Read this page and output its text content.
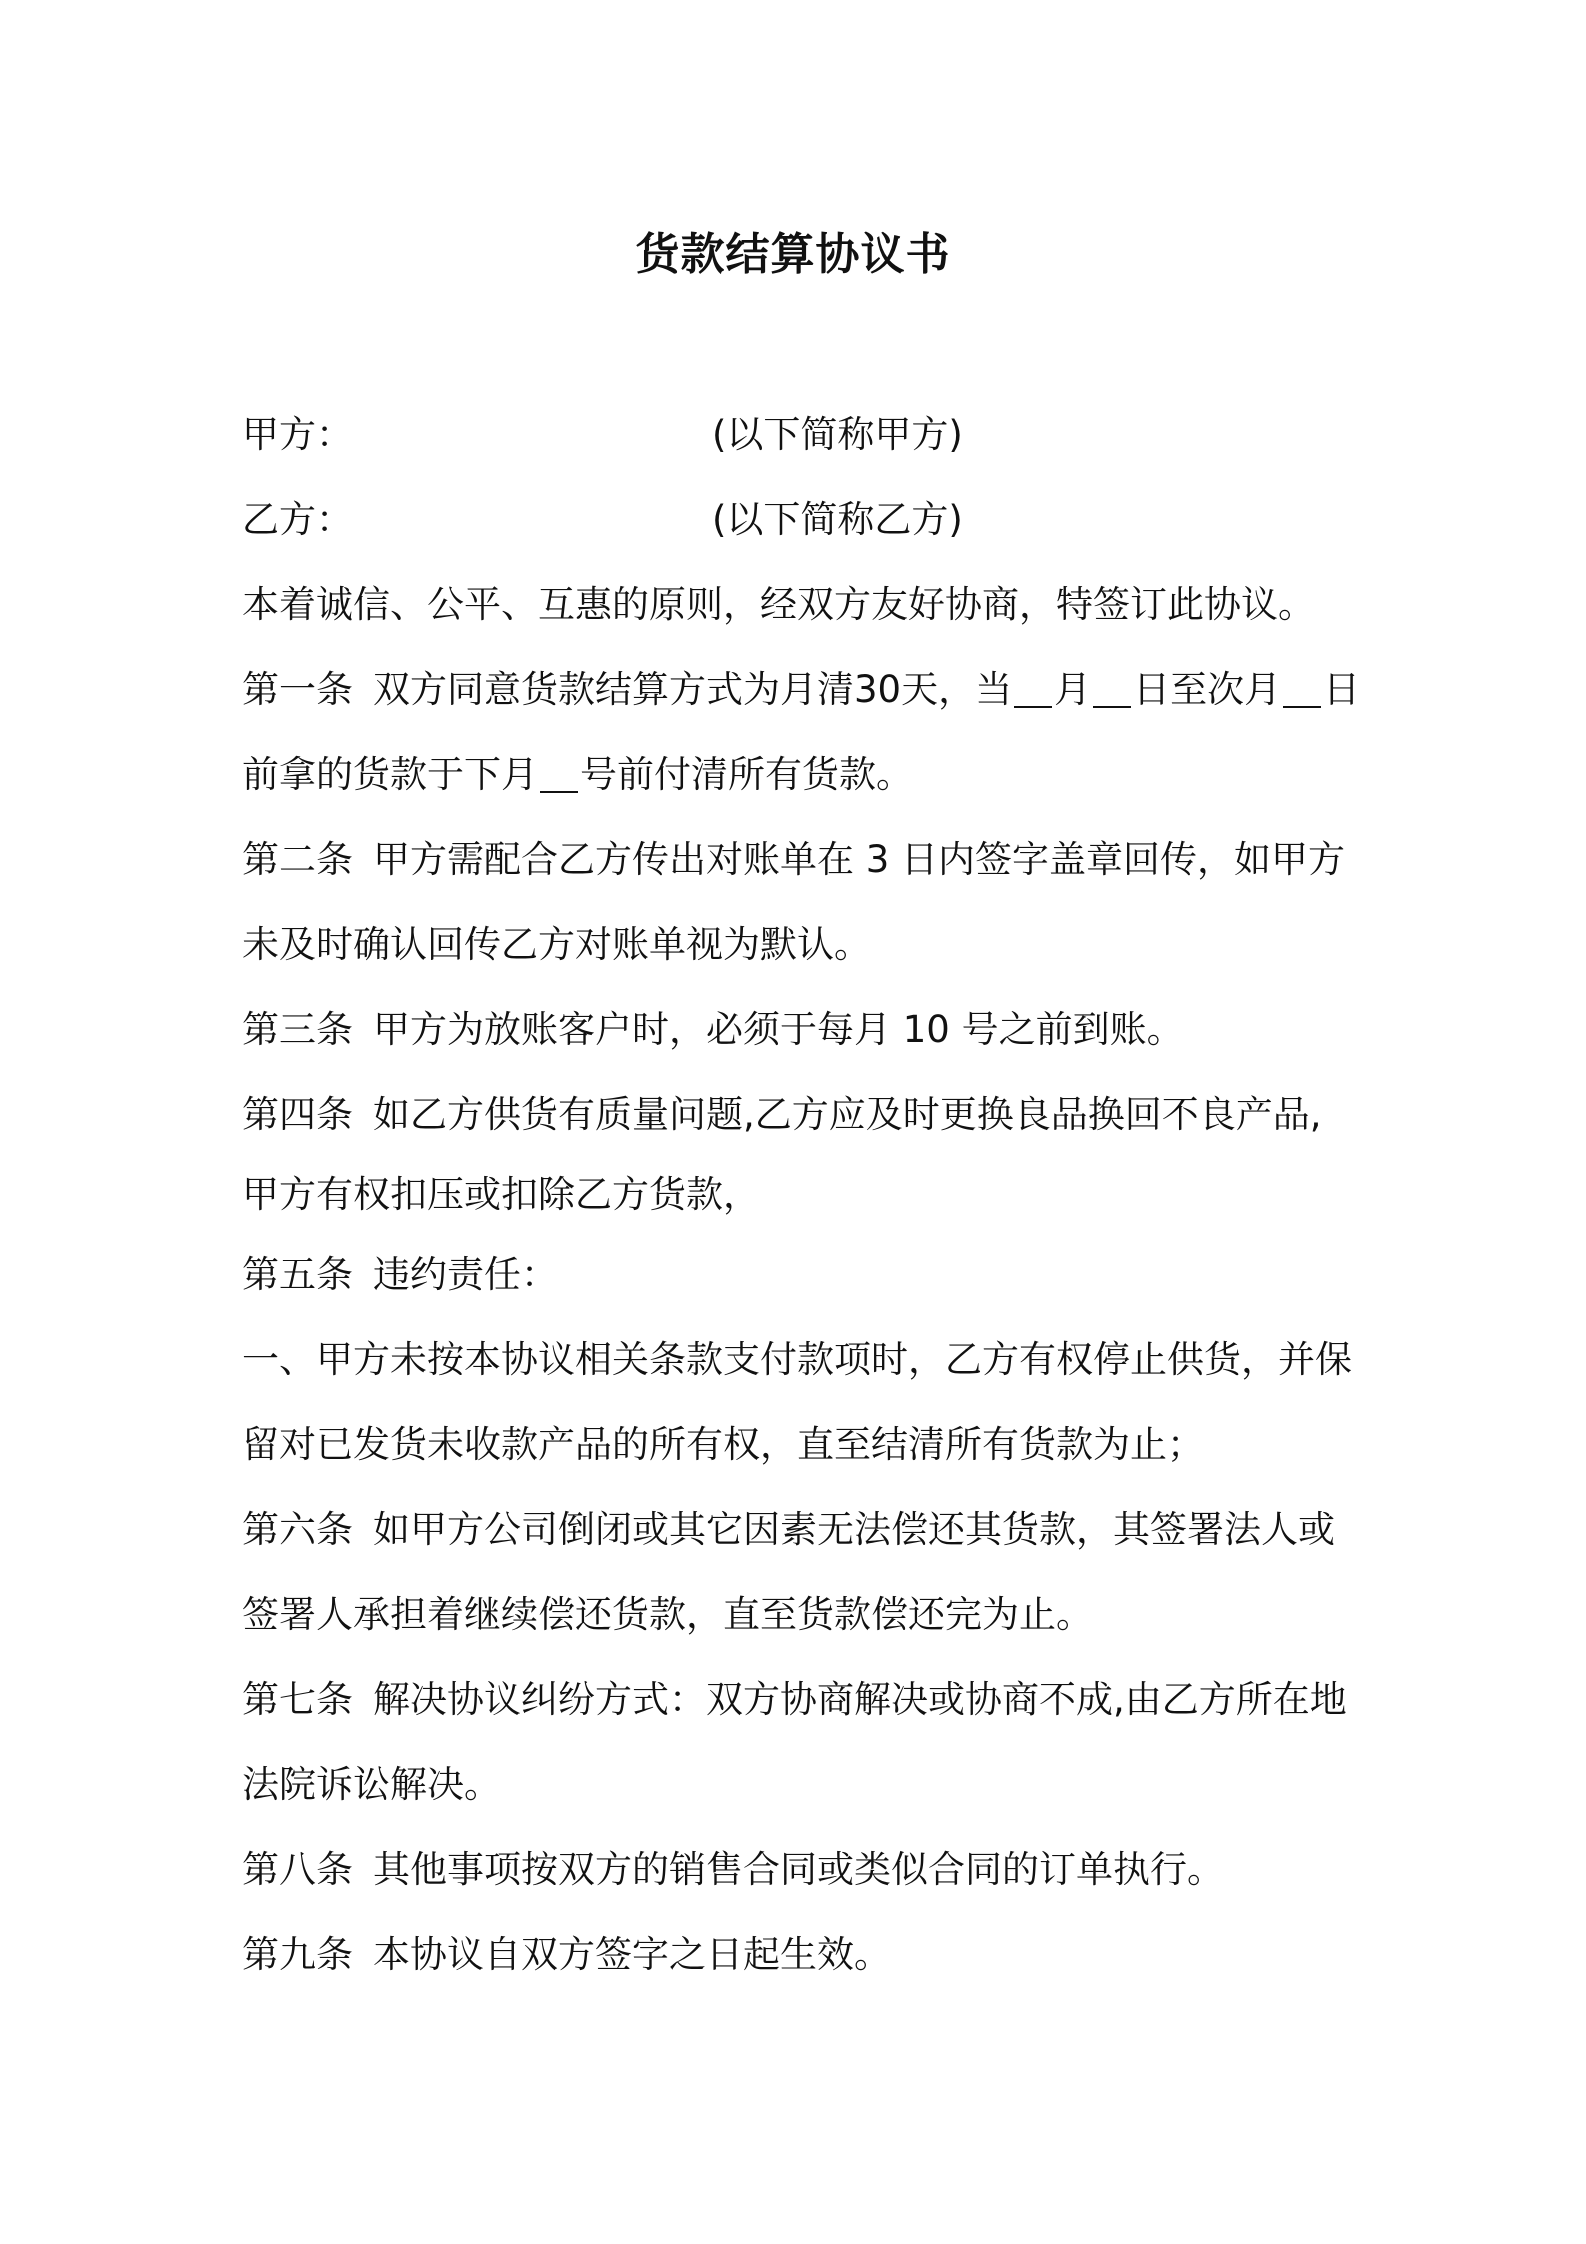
货款结算协议书
甲方：	(以下简称甲方)
乙方：	(以下简称乙方)
本着诚信、公平、互惠的原则，经双方友好协商，特签订此协议。
第一条 双方同意货款结算方式为月清30天，当 月 日至次月 日
前拿的货款于下月 号前付清所有货款。
第二条 甲方需配合乙方传出对账单在 3 日内签字盖章回传，如甲方
未及时确认回传乙方对账单视为默认。
第三条 甲方为放账客户时，必须于每月 10 号之前到账。
第四条 如乙方供货有质量问题,乙方应及时更换良品换回不良产品,
甲方有权扣压或扣除乙方货款，
第五条 违约责任：
一、甲方未按本协议相关条款支付款项时，乙方有权停止供货，并保
留对已发货未收款产品的所有权，直至结清所有货款为止；
第六条 如甲方公司倒闭或其它因素无法偿还其货款，其签署法人或
签署人承担着继续偿还货款，直至货款偿还完为止。
第七条 解决协议纠纷方式：双方协商解决或协商不成,由乙方所在地
法院诉讼解决。
第八条 其他事项按双方的销售合同或类似合同的订单执行。
第九条 本协议自双方签字之日起生效。
